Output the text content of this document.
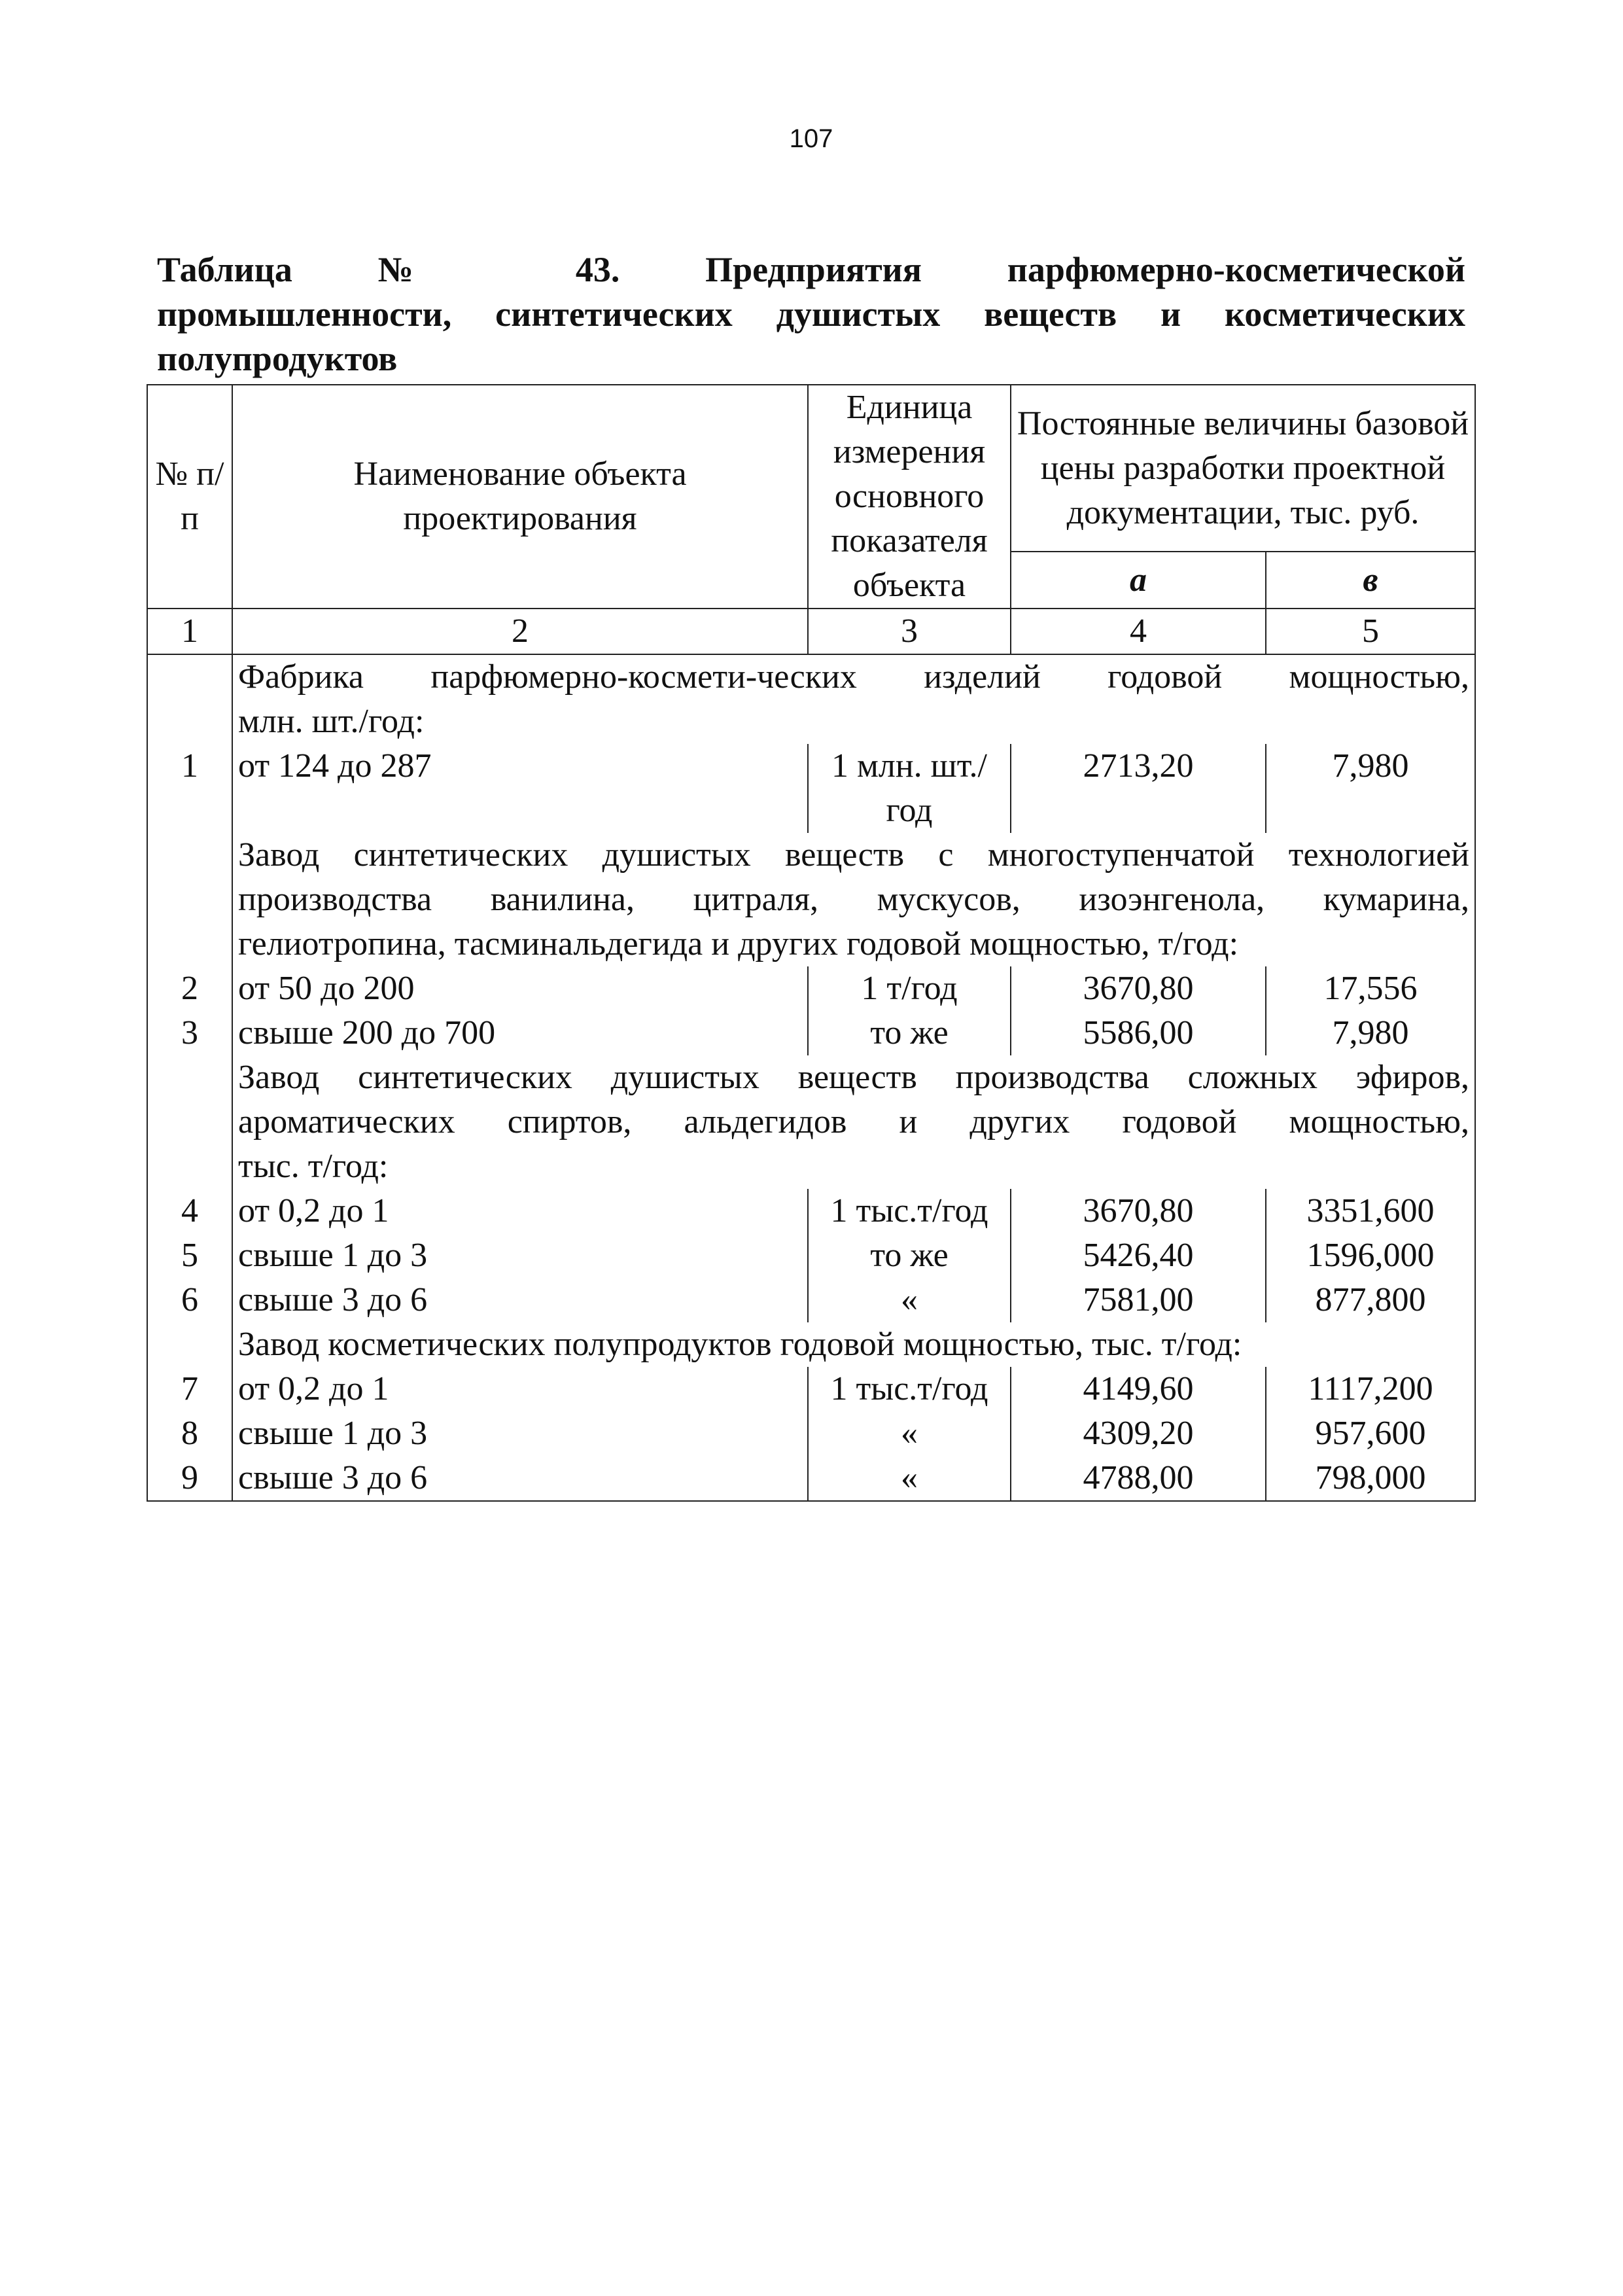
107
Таблица № 43. Предприятия парфюмерно-косметической
промышленности, синтетических душистых веществ и косметических
полупродуктов
№ п/п	Наименование объекта проектирования	Единица измерения основного показателя объекта	Постоянные величины базовой цены разработки проектной документации, тыс. руб.	
			а	в
1	2	3	4	5

	Фабрика парфюмерно-космети-ческих изделий годовой мощностью,
млн. шт./год:			

1	от 124 до 287	1 млн. шт./год	2713,20	7,980

	Завод синтетических душистых веществ с многоступенчатой технологией
производства ванилина, цитраля, мускусов, изоэнгенола, кумарина,
гелиотропина, тасминальдегида и других годовой мощностью, т/год:			

2	от 50 до 200	1 т/год	3670,80	17,556
3	свыше 200 до 700	то же	5586,00	7,980

	Завод синтетических душистых веществ производства сложных эфиров,
ароматических спиртов, альдегидов и других годовой мощностью,
тыс. т/год:			

4	от 0,2 до 1	1 тыс.т/год	3670,80	3351,600
5	свыше 1 до 3	то же	5426,40	1596,000
6	свыше 3 до 6	«	7581,00	877,800

	Завод косметических полупродуктов годовой мощностью, тыс. т/год:			

7	от 0,2 до 1	1 тыс.т/год	4149,60	1117,200
8	свыше 1 до 3	«	4309,20	957,600
9	свыше 3 до 6	«	4788,00	798,000
